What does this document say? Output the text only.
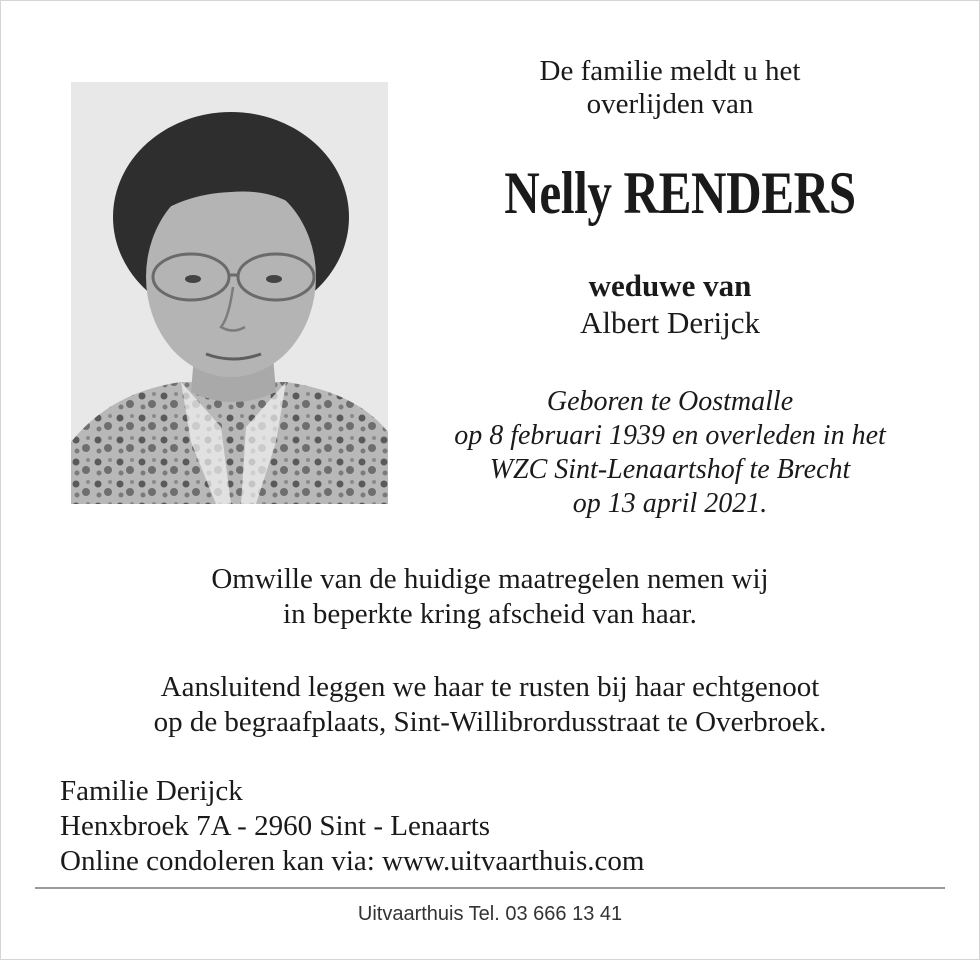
De familie meldt u het
overlijden van
Nelly RENDERS
weduwe van
Albert Derijck
Geboren te Oostmalle
op 8 februari 1939 en overleden in het
WZC Sint-Lenaartshof te Brecht
op 13 april 2021.
Omwille van de huidige maatregelen nemen wij
in beperkte kring afscheid van haar.
Aansluitend leggen we haar te rusten bij haar echtgenoot
op de begraafplaats, Sint-Willibrordusstraat te Overbroek.
Familie Derijck
Henxbroek 7A - 2960 Sint - Lenaarts
Online condoleren kan via: www.uitvaarthuis.com
Uitvaarthuis Tel. 03 666 13 41
